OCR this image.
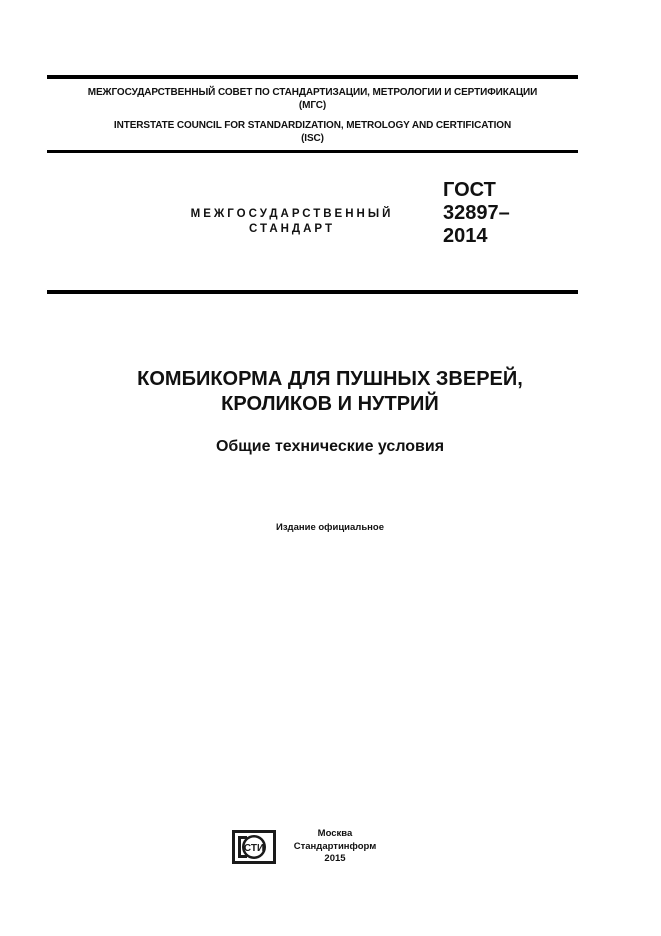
МЕЖГОСУДАРСТВЕННЫЙ СОВЕТ ПО СТАНДАРТИЗАЦИИ, МЕТРОЛОГИИ И СЕРТИФИКАЦИИ
(МГС)
INTERSTATE COUNCIL FOR STANDARDIZATION, METROLOGY AND CERTIFICATION
(ISC)
МЕЖГОСУДАРСТВЕННЫЙ
СТАНДАРТ
ГОСТ
32897–
2014
КОМБИКОРМА ДЛЯ ПУШНЫХ ЗВЕРЕЙ,
КРОЛИКОВ И НУТРИЙ
Общие технические условия
Издание официальное
СТИ
Москва
Стандартинформ
2015
